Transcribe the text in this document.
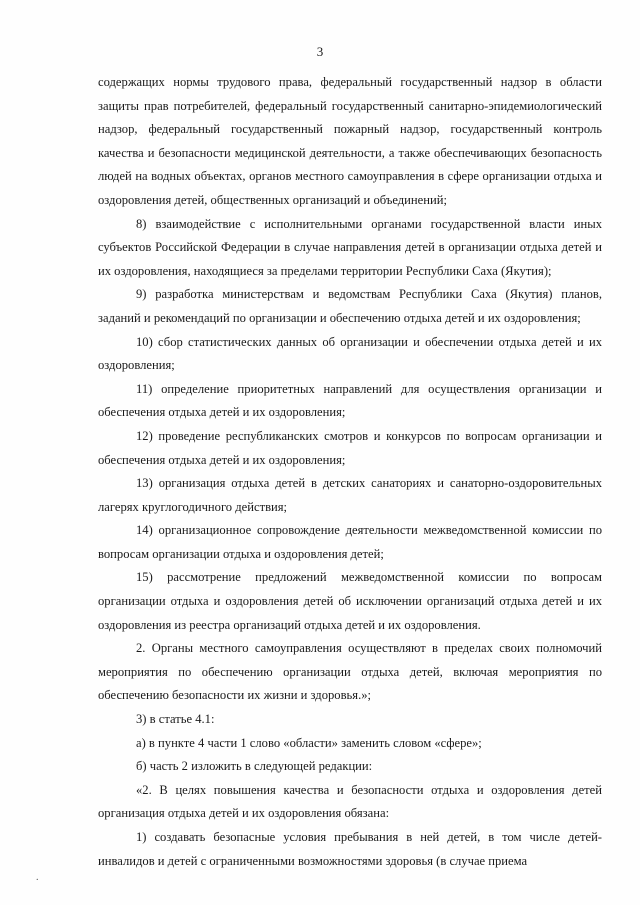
3

содержащих нормы трудового права, федеральный государственный надзор в области защиты прав потребителей, федеральный государственный санитарно-эпидемиологический надзор, федеральный государственный пожарный надзор, государственный контроль качества и безопасности медицинской деятельности, а также обеспечивающих безопасность людей на водных объектах, органов местного самоуправления в сфере организации отдыха и оздоровления детей, общественных организаций и объединений;

8) взаимодействие с исполнительными органами государственной власти иных субъектов Российской Федерации в случае направления детей в организации отдыха детей и их оздоровления, находящиеся за пределами территории Республики Саха (Якутия);

9) разработка министерствам и ведомствам Республики Саха (Якутия) планов, заданий и рекомендаций по организации и обеспечению отдыха детей и их оздоровления;

10) сбор статистических данных об организации и обеспечении отдыха детей и их оздоровления;

11) определение приоритетных направлений для осуществления организации и обеспечения отдыха детей и их оздоровления;

12) проведение республиканских смотров и конкурсов по вопросам организации и обеспечения отдыха детей и их оздоровления;

13) организация отдыха детей в детских санаториях и санаторно-оздоровительных лагерях круглогодичного действия;

14) организационное сопровождение деятельности межведомственной комиссии по вопросам организации отдыха и оздоровления детей;

15) рассмотрение предложений межведомственной комиссии по вопросам организации отдыха и оздоровления детей об исключении организаций отдыха детей и их оздоровления из реестра организаций отдыха детей и их оздоровления.

2. Органы местного самоуправления осуществляют в пределах своих полномочий мероприятия по обеспечению организации отдыха детей, включая мероприятия по обеспечению безопасности их жизни и здоровья.»;

3) в статье 4.1:

а) в пункте 4 части 1 слово «области» заменить словом «сфере»;

б) часть 2 изложить в следующей редакции:

«2. В целях повышения качества и безопасности отдыха и оздоровления детей организация отдыха детей и их оздоровления обязана:

1) создавать безопасные условия пребывания в ней детей, в том числе детей-инвалидов и детей с ограниченными возможностями здоровья (в случае приема

.
